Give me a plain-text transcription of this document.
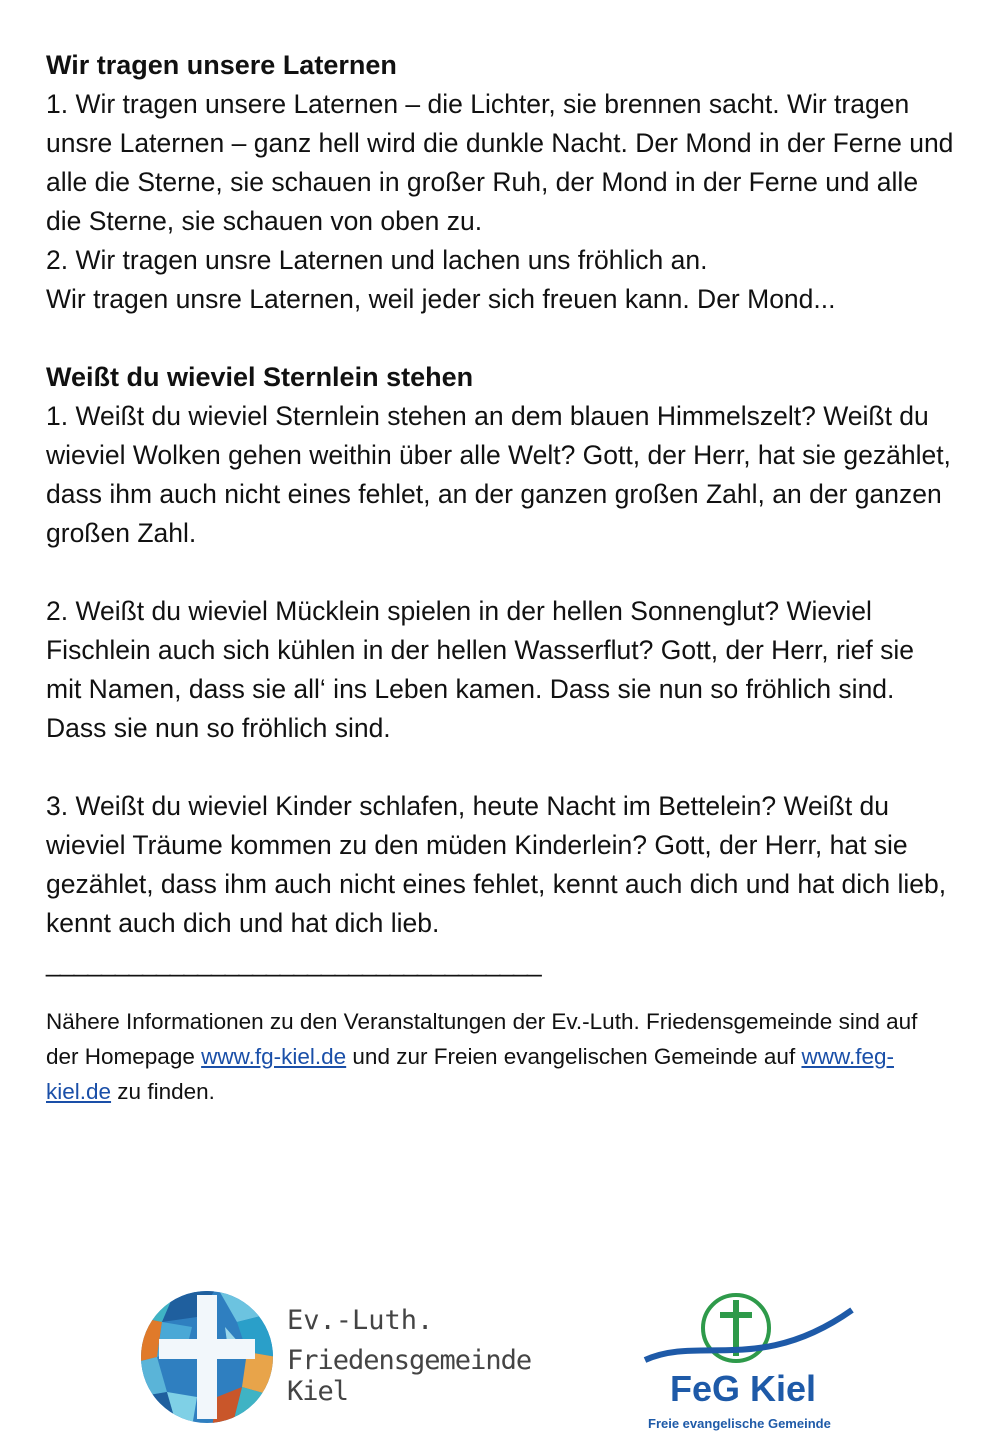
Wir tragen unsere Laternen

1. Wir tragen unsere Laternen – die Lichter, sie brennen sacht. Wir tragen unsre Laternen – ganz hell wird die dunkle Nacht. Der Mond in der Ferne und alle die Sterne, sie schauen in großer Ruh, der Mond in der Ferne und alle die Sterne, sie schauen von oben zu.

2. Wir tragen unsre Laternen und lachen uns fröhlich an.

Wir tragen unsre Laternen, weil jeder sich freuen kann. Der Mond...

Weißt du wieviel Sternlein stehen

1. Weißt du wieviel Sternlein stehen an dem blauen Himmelszelt? Weißt du wieviel Wolken gehen weithin über alle Welt? Gott, der Herr, hat sie gezählet, dass ihm auch nicht eines fehlet, an der ganzen großen Zahl, an der ganzen großen Zahl.

2. Weißt du wieviel Mücklein spielen in der hellen Sonnenglut? Wieviel Fischlein auch sich kühlen in der hellen Wasserflut? Gott, der Herr, rief sie mit Namen, dass sie all‘ ins Leben kamen. Dass sie nun so fröhlich sind. Dass sie nun so fröhlich sind.

3. Weißt du wieviel Kinder schlafen, heute Nacht im Bettelein? Weißt du wieviel Träume kommen zu den müden Kinderlein? Gott, der Herr, hat sie gezählet, dass ihm auch nicht eines fehlet, kennt auch dich und hat dich lieb, kennt auch dich und hat dich lieb.

____________________________________

Nähere Informationen zu den Veranstaltungen der Ev.-Luth. Friedensgemeinde sind auf der Homepage www.fg-kiel.de und zur Freien evangelischen Gemeinde auf www.feg-kiel.de zu finden.

Ev.-Luth.
Friedensgemeinde Kiel	FeG Kiel
Freie evangelische Gemeinde
